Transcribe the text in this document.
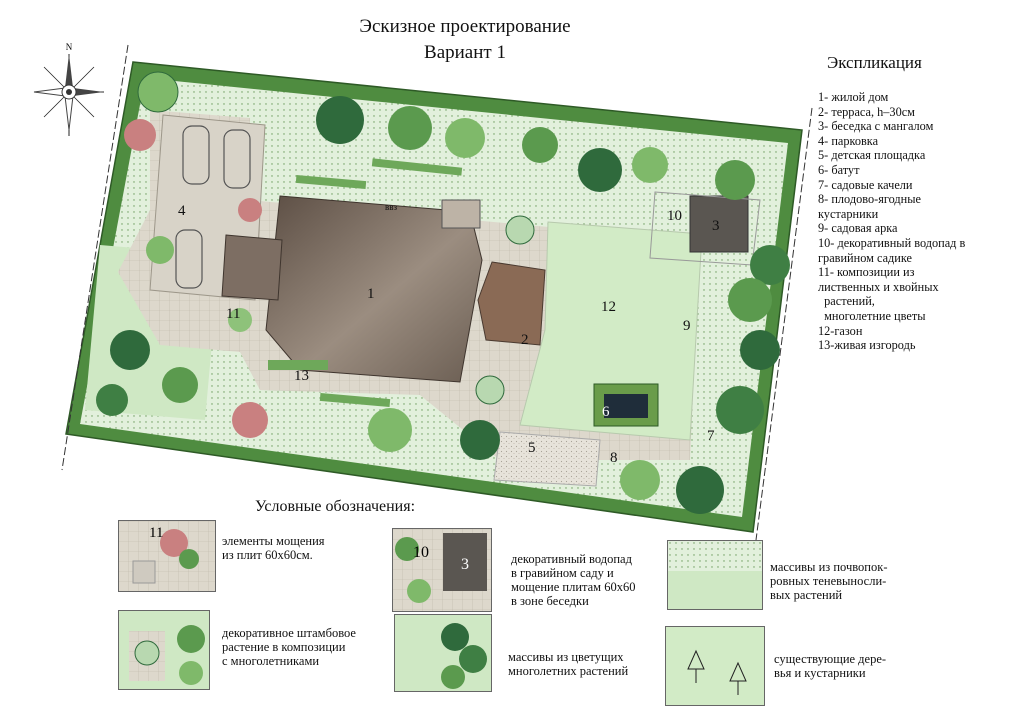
Эскизное проектирование
Вариант 1
N
1
2
3
4
5
6
7
8
9
10
11	12
13
ввз
Экспликация
1- жилой дом
2- терраса, h–30см
3- беседка с мангалом
4- парковка
5- детская площадка
6- батут
7- садовые качели
8- плодово-ягодные
кустарники
9- садовая арка
10- декоративный водопад в
гравийном садике
11- композиции из
лиственных и хвойных
растений,
многолетние цветы
12-газон
13-живая изгородь
Условные обозначения:
11	элементы мощения
из плит 60х60см.	10
3	декоративный водопад
в гравийном саду и
мощение плитам 60х60
в зоне беседки
массивы из почвопок-
ровных теневыносли-
вых растений
декоративное штамбовое
растение в композиции
с многолетниками	массивы из цветущих
многолетних растений
существующие дере-
вья и кустарники
